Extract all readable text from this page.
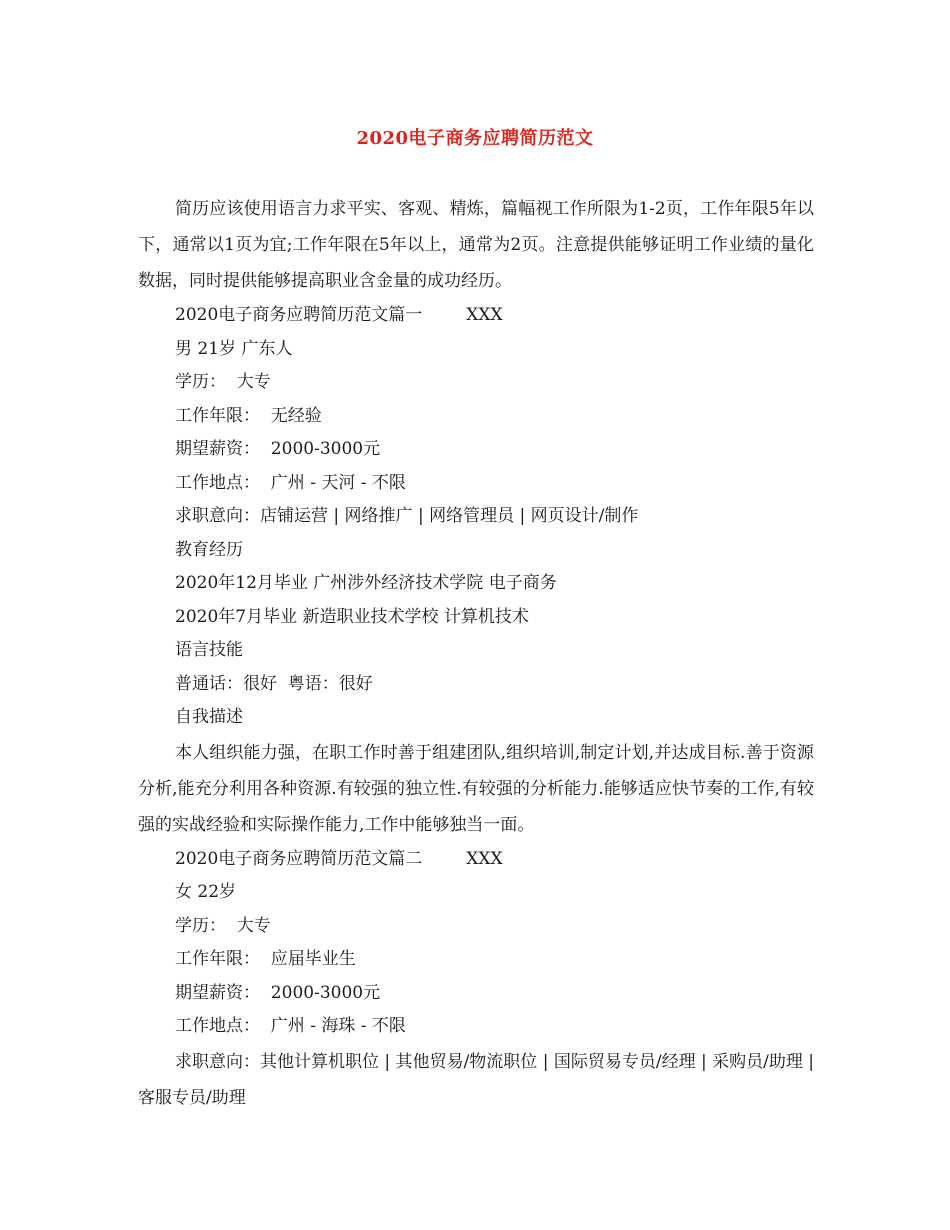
2020电子商务应聘简历范文

简历应该使用语言力求平实、客观、精炼，篇幅视工作所限为1-2页，工作年限5年以下，通常以1页为宜;工作年限在5年以上，通常为2页。注意提供能够证明工作业绩的量化数据，同时提供能够提高职业含金量的成功经历。

2020电子商务应聘简历范文篇一	XXX
男 21岁 广东人
学历：  大专
工作年限：  无经验
期望薪资：  2000-3000元
工作地点：  广州 - 天河 - 不限
求职意向：店铺运营 | 网络推广 | 网络管理员 | 网页设计/制作
教育经历
2020年12月毕业 广州涉外经济技术学院 电子商务
2020年7月毕业 新造职业技术学校 计算机技术
语言技能
普通话：很好  粤语：很好
自我描述

本人组织能力强，在职工作时善于组建团队,组织培训,制定计划,并达成目标.善于资源分析,能充分利用各种资源.有较强的独立性.有较强的分析能力.能够适应快节奏的工作,有较强的实战经验和实际操作能力,工作中能够独当一面。

2020电子商务应聘简历范文篇二	XXX
女 22岁
学历：  大专
工作年限：  应届毕业生
期望薪资：  2000-3000元
工作地点：  广州 - 海珠 - 不限

求职意向：其他计算机职位 | 其他贸易/物流职位 | 国际贸易专员/经理 | 采购员/助理 | 客服专员/助理
